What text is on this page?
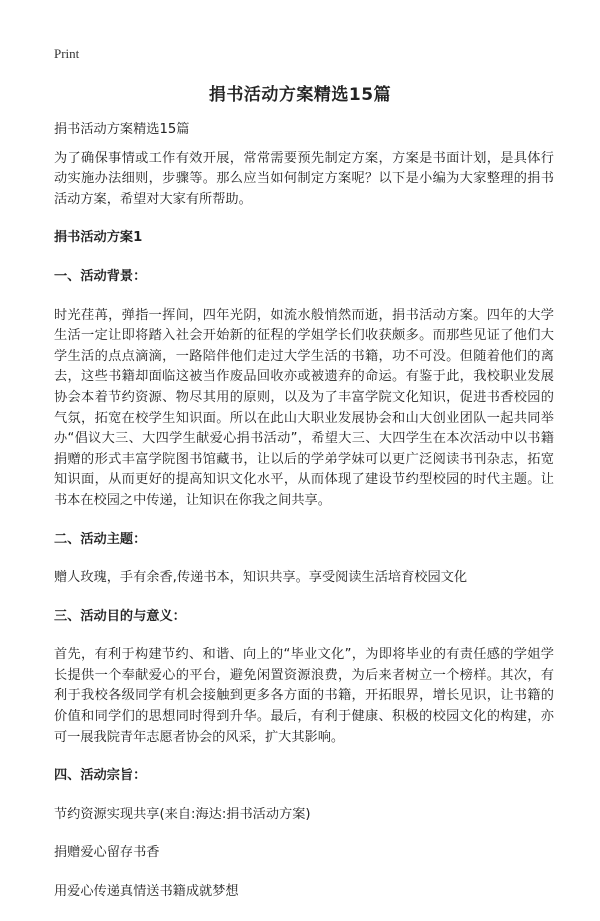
Print
捐书活动方案精选15篇

捐书活动方案精选15篇

为了确保事情或工作有效开展，常常需要预先制定方案，方案是书面计划，是具体行动实施办法细则，步骤等。那么应当如何制定方案呢？以下是小编为大家整理的捐书活动方案，希望对大家有所帮助。

捐书活动方案1

一、活动背景：

时光荏苒，弹指一挥间，四年光阴，如流水般悄然而逝，捐书活动方案。四年的大学生活一定让即将踏入社会开始新的征程的学姐学长们收获颇多。而那些见证了他们大学生活的点点滴滴，一路陪伴他们走过大学生活的书籍，功不可没。但随着他们的离去，这些书籍却面临这被当作废品回收亦或被遗弃的命运。有鉴于此，我校职业发展协会本着节约资源、物尽其用的原则，以及为了丰富学院文化知识，促进书香校园的气氛，拓宽在校学生知识面。所以在此山大职业发展协会和山大创业团队一起共同举办“倡议大三、大四学生献爱心捐书活动”，希望大三、大四学生在本次活动中以书籍捐赠的形式丰富学院图书馆藏书，让以后的学弟学妹可以更广泛阅读书刊杂志，拓宽知识面，从而更好的提高知识文化水平，从而体现了建设节约型校园的时代主题。让书本在校园之中传递，让知识在你我之间共享。

二、活动主题：

赠人玫瑰，手有余香,传递书本，知识共享。享受阅读生活培育校园文化

三、活动目的与意义：

首先，有利于构建节约、和谐、向上的“毕业文化”，为即将毕业的有责任感的学姐学长提供一个奉献爱心的平台，避免闲置资源浪费，为后来者树立一个榜样。其次，有利于我校各级同学有机会接触到更多各方面的书籍，开拓眼界，增长见识，让书籍的价值和同学们的思想同时得到升华。最后，有利于健康、积极的校园文化的构建，亦可一展我院青年志愿者协会的风采，扩大其影响。

四、活动宗旨：

节约资源实现共享(来自:海达:捐书活动方案)

捐赠爱心留存书香

用爱心传递真情送书籍成就梦想
